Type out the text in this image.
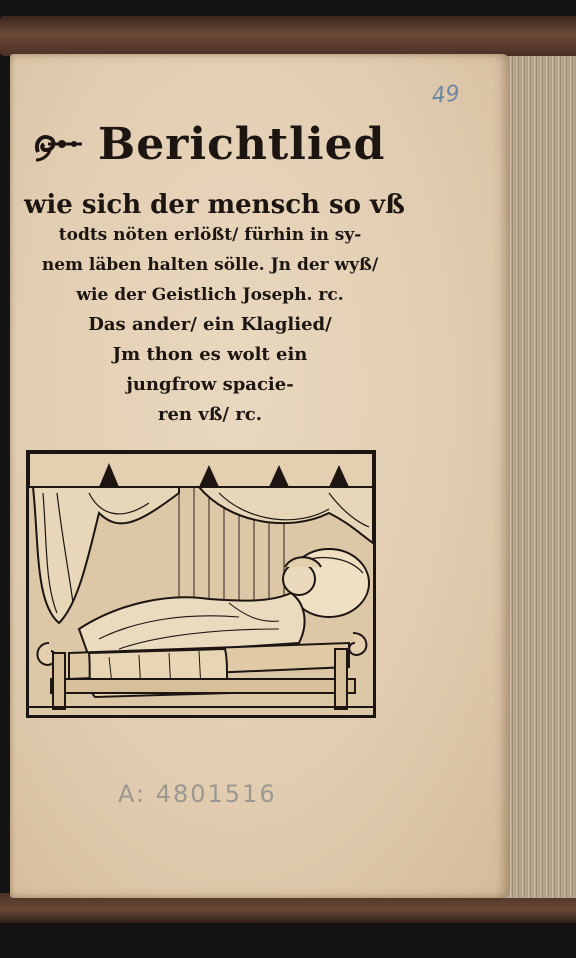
49
Berichtlied
wie sich der mensch so vß
todts nöten erlößt/ fürhin in sy-
nem läben halten sölle. Jn der wyß/
wie der Geistlich Joseph. rc.
Das ander/ ein Klaglied/
Jm thon es wolt ein
jungfrow spacie-
ren vß/ rc.
A: 4801516
